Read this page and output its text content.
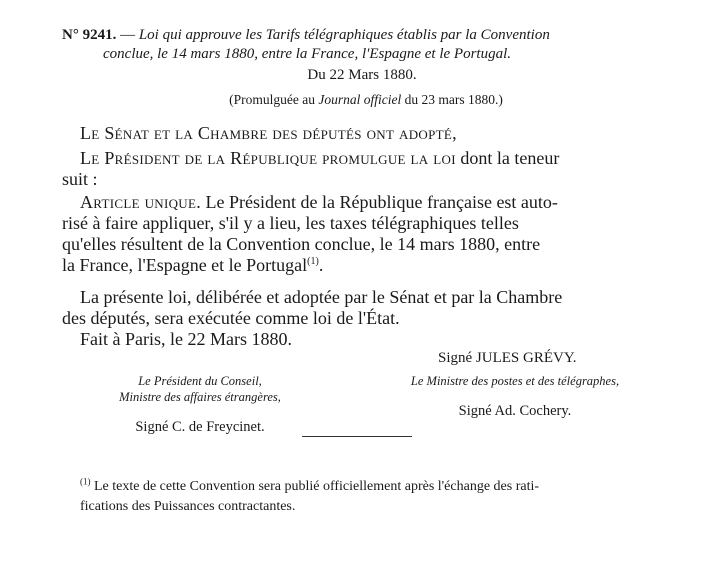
N° 9241. — Loi qui approuve les Tarifs télégraphiques établis par la Convention
conclue, le 14 mars 1880, entre la France, l'Espagne et le Portugal.
Du 22 Mars 1880.
(Promulguée au Journal officiel du 23 mars 1880.)
Le Sénat et la Chambre des députés ont adopté,
Le Président de la République promulgue la loi dont la teneur
suit :
Article unique. Le Président de la République française est auto-
risé à faire appliquer, s'il y a lieu, les taxes télégraphiques telles
qu'elles résultent de la Convention conclue, le 14 mars 1880, entre
la France, l'Espagne et le Portugal$^{(1)}$.
La présente loi, délibérée et adoptée par le Sénat et par la Chambre
des députés, sera exécutée comme loi de l'État.
Fait à Paris, le 22 Mars 1880.
Signé JULES GRÉVY.
Le Président du Conseil,
Ministre des affaires étrangères,
Signé C. de Freycinet.
Le Ministre des postes et des télégraphes,
Signé Ad. Cochery.
$^{(1)}$ Le texte de cette Convention sera publié officiellement après l'échange des rati-
fications des Puissances contractantes.
